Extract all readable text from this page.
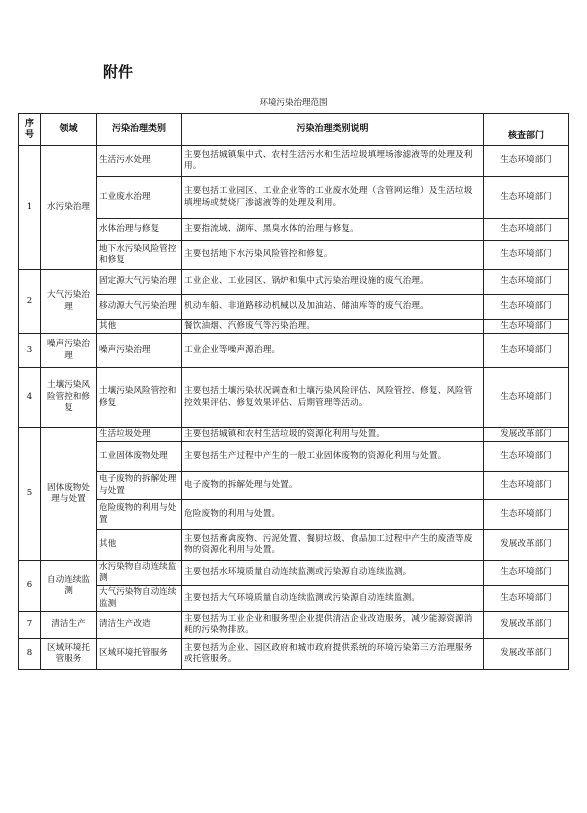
附件
环境污染治理范围
序号	领域	污染治理类别	污染治理类别说明	核查部门
1	水污染治理	生活污水处理	主要包括城镇集中式、农村生活污水和生活垃圾填埋场渗滤液等的处理及利用。	生态环境部门
		工业废水治理	主要包括工业园区、工业企业等的工业废水处理（含管网运维）及生活垃圾填埋场或焚烧厂渗滤液等的处理及利用。	生态环境部门
		水体治理与修复	主要指流域、湖库、黑臭水体的治理与修复。	生态环境部门
		地下水污染风险管控和修复	主要包括地下水污染风险管控和修复。	生态环境部门
2	大气污染治理	固定源大气污染治理	工业企业、工业园区、锅炉和集中式污染治理设施的废气治理。	生态环境部门
		移动源大气污染治理	机动车船、非道路移动机械以及加油站、储油库等的废气治理。	生态环境部门
		其他	餐饮油烟、汽修废气等污染治理。	生态环境部门
3	噪声污染治理	噪声污染治理	工业企业等噪声源治理。	生态环境部门
4	土壤污染风险管控和修复	土壤污染风险管控和修复	主要包括土壤污染状况调查和土壤污染风险评估、风险管控、修复、风险管控效果评估、修复效果评估、后期管理等活动。	生态环境部门
5	固体废物处理与处置	生活垃圾处理	主要包括城镇和农村生活垃圾的资源化利用与处置。	发展改革部门
		工业固体废物处理	主要包括生产过程中产生的一般工业固体废物的资源化利用与处置。	生态环境部门
		电子废物的拆解处理与处置	电子废物的拆解处理与处置。	生态环境部门
		危险废物的利用与处置	危险废物的利用与处置。	生态环境部门
		其他	主要包括畜禽废物、污泥处置、餐厨垃圾、食品加工过程中产生的废渣等废物的资源化利用与处置。	发展改革部门
6	自动连续监测	水污染物自动连续监测	主要包括水环境质量自动连续监测或污染源自动连续监测。	生态环境部门
		大气污染物自动连续监测	主要包括大气环境质量自动连续监测或污染源自动连续监测。	生态环境部门
7	清洁生产	清洁生产改造	主要包括为工业企业和服务型企业提供清洁企业改造服务，减少能源资源消耗的污染物排放。	发展改革部门
8	区域环境托管服务	区域环境托管服务	主要包括为企业、园区政府和城市政府提供系统的环境污染第三方治理服务或托管服务。	发展改革部门
